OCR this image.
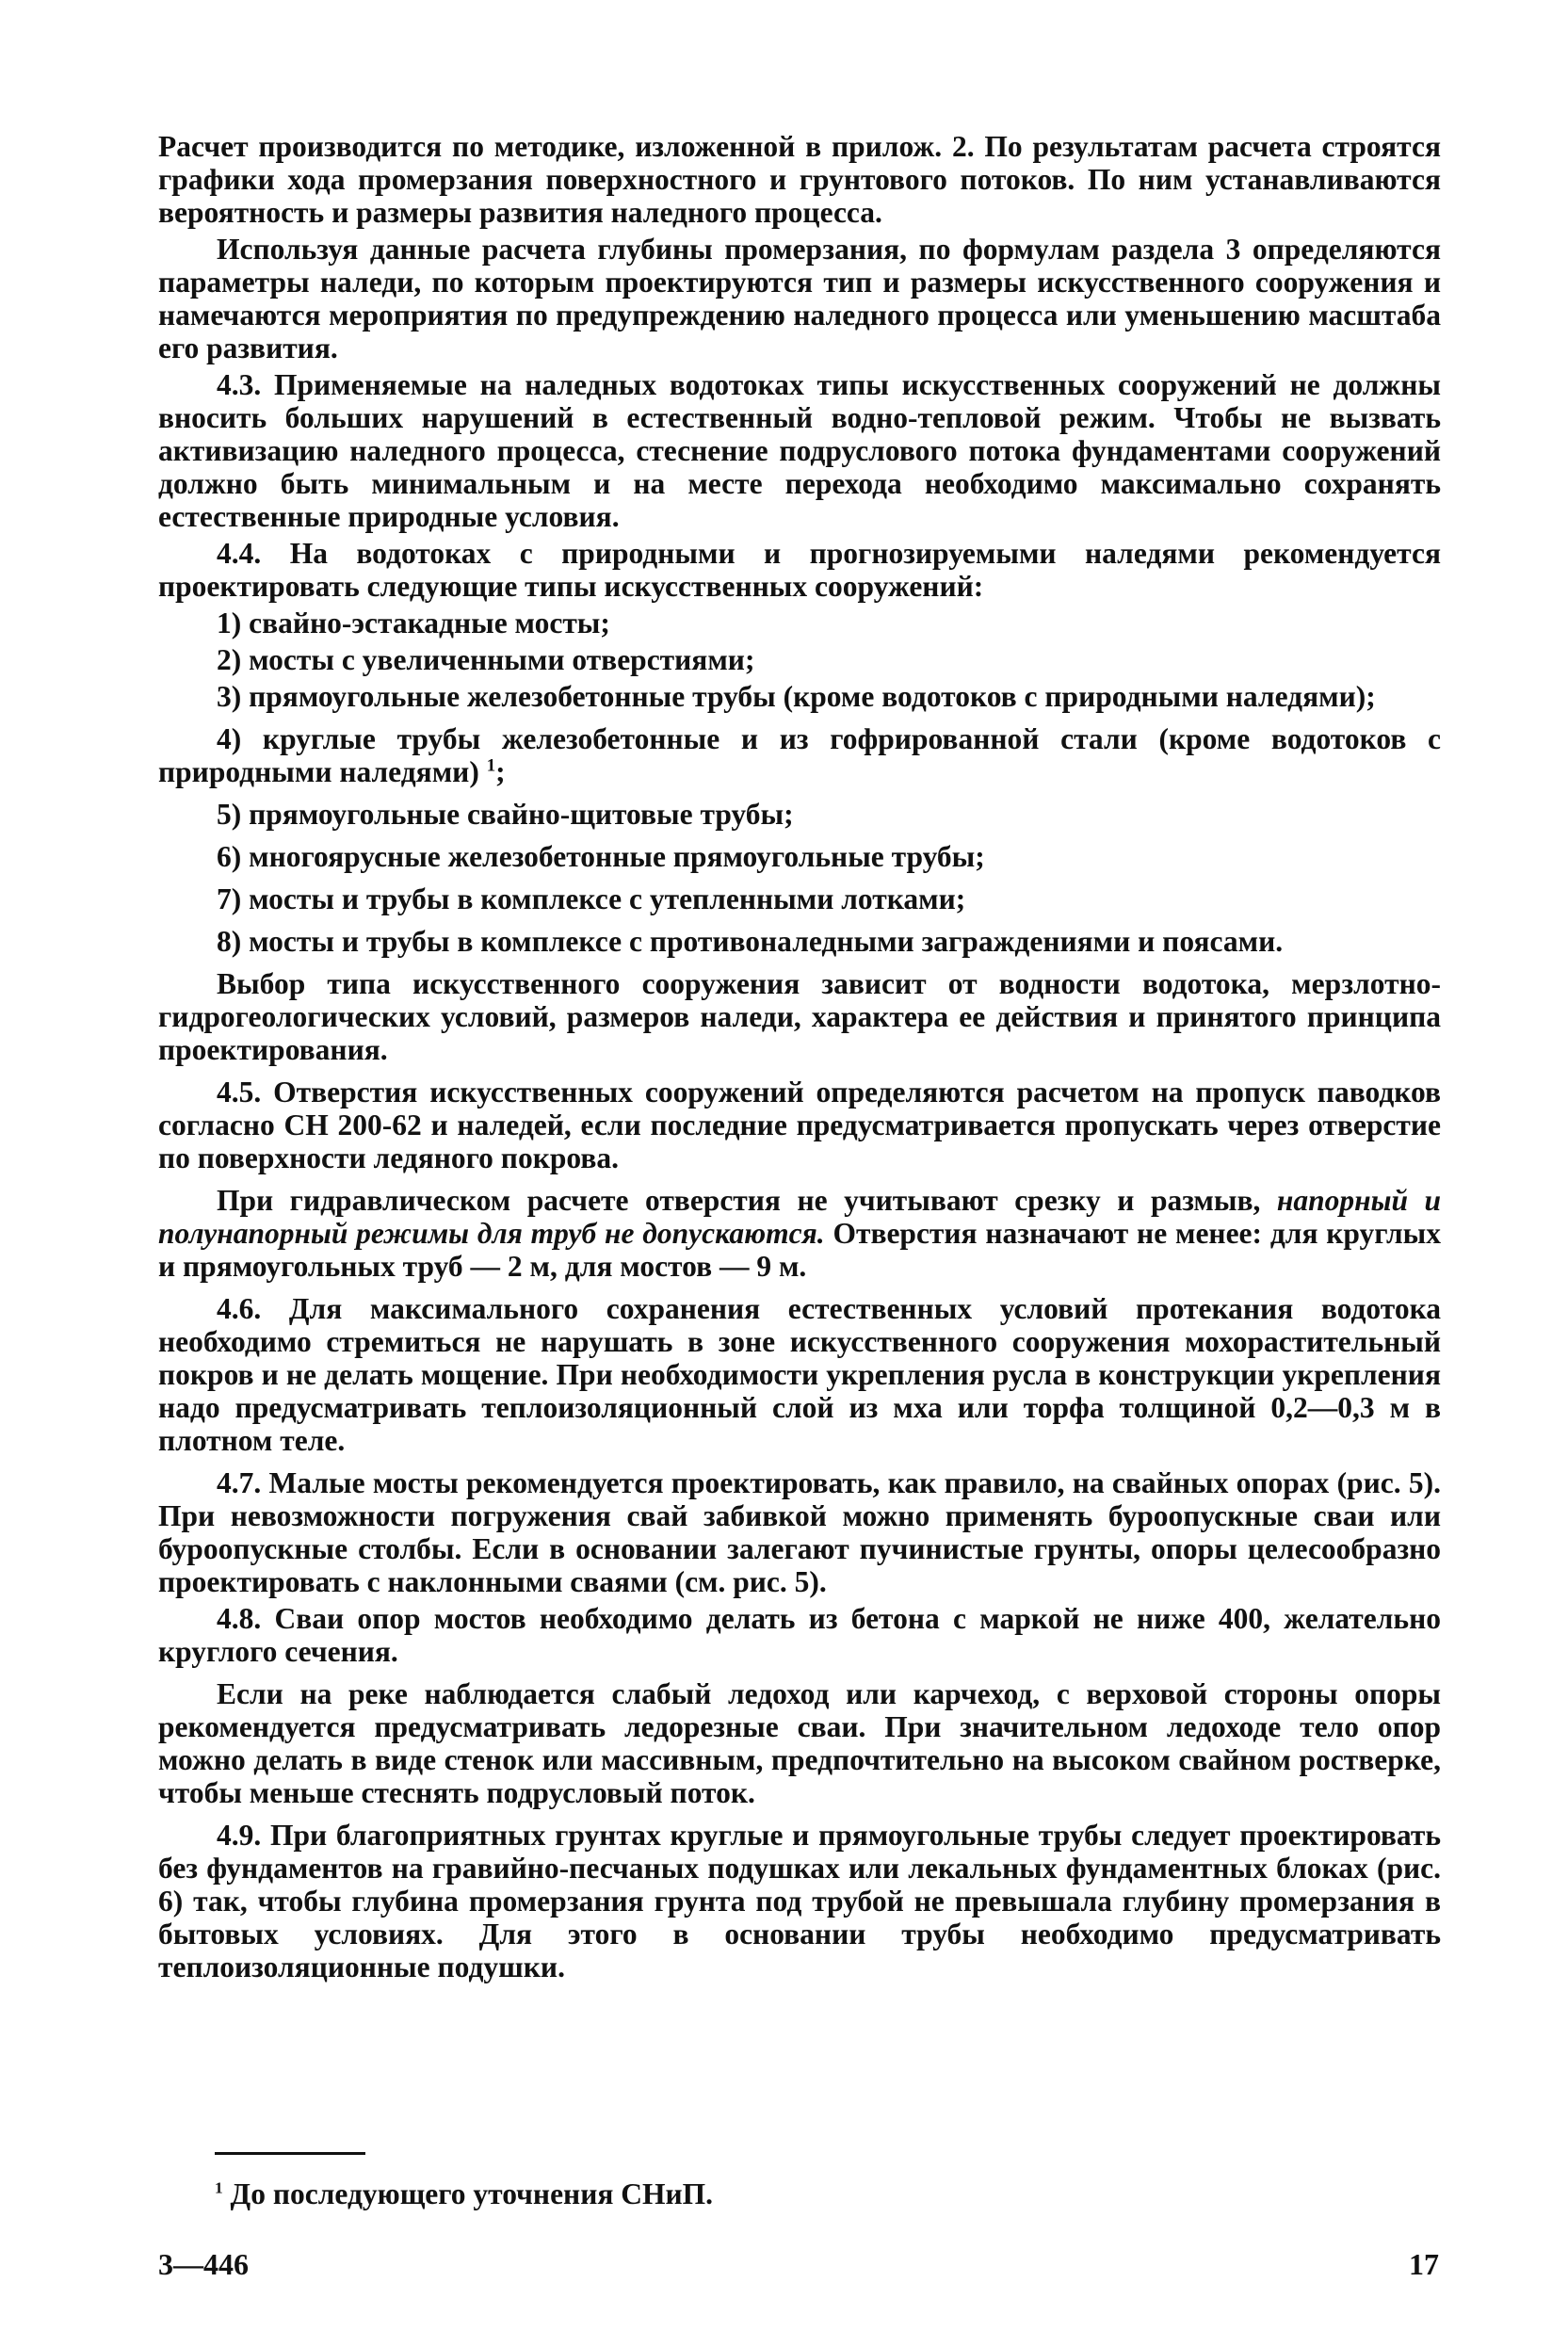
Расчет производится по методике, изложенной в прилож. 2. По результатам расчета строятся графики хода промерзания поверхностного и грунтового потоков. По ним устанавливаются вероятность и размеры развития наледного процесса.

Используя данные расчета глубины промерзания, по формулам раздела 3 определяются параметры наледи, по которым проектируются тип и размеры искусственного сооружения и намечаются мероприятия по предупреждению наледного процесса или уменьшению масштаба его развития.

4.3. Применяемые на наледных водотоках типы искусственных сооружений не должны вносить больших нарушений в естественный водно-тепловой режим. Чтобы не вызвать активизацию наледного процесса, стеснение подруслового потока фундаментами сооружений должно быть минимальным и на месте перехода необходимо максимально сохранять естественные природные условия.

4.4. На водотоках с природными и прогнозируемыми наледями рекомендуется проектировать следующие типы искусственных сооружений:

1) свайно-эстакадные мосты;

2) мосты с увеличенными отверстиями;

3) прямоугольные железобетонные трубы (кроме водотоков с природными наледями);

4) круглые трубы железобетонные и из гофрированной стали (кроме водотоков с природными наледями) $^1$;

5) прямоугольные свайно-щитовые трубы;

6) многоярусные железобетонные прямоугольные трубы;

7) мосты и трубы в комплексе с утепленными лотками;

8) мосты и трубы в комплексе с противоналедными заграждениями и поясами.

Выбор типа искусственного сооружения зависит от водности водотока, мерзлотно-гидрогеологических условий, размеров наледи, характера ее действия и принятого принципа проектирования.

4.5. Отверстия искусственных сооружений определяются расчетом на пропуск паводков согласно СН 200-62 и наледей, если последние предусматривается пропускать через отверстие по поверхности ледяного покрова.

При гидравлическом расчете отверстия не учитывают срезку и размыв, напорный и полунапорный режимы для труб не допускаются. Отверстия назначают не менее: для круглых и прямоугольных труб — 2 м, для мостов — 9 м.

4.6. Для максимального сохранения естественных условий протекания водотока необходимо стремиться не нарушать в зоне искусственного сооружения мохорастительный покров и не делать мощение. При необходимости укрепления русла в конструкции укрепления надо предусматривать теплоизоляционный слой из мха или торфа толщиной 0,2—0,3 м в плотном теле.

4.7. Малые мосты рекомендуется проектировать, как правило, на свайных опорах (рис. 5). При невозможности погружения свай забивкой можно применять буроопускные сваи или буроопускные столбы. Если в основании залегают пучинистые грунты, опоры целесообразно проектировать с наклонными сваями (см. рис. 5).

4.8. Сваи опор мостов необходимо делать из бетона с маркой не ниже 400, желательно круглого сечения.

Если на реке наблюдается слабый ледоход или карчеход, с верховой стороны опоры рекомендуется предусматривать ледорезные сваи. При значительном ледоходе тело опор можно делать в виде стенок или массивным, предпочтительно на высоком свайном ростверке, чтобы меньше стеснять подрусловый поток.

4.9. При благоприятных грунтах круглые и прямоугольные трубы следует проектировать без фундаментов на гравийно-песчаных подушках или лекальных фундаментных блоках (рис. 6) так, чтобы глубина промерзания грунта под трубой не превышала глубину промерзания в бытовых условиях. Для этого в основании трубы необходимо предусматривать теплоизоляционные подушки.

$^1$ До последующего уточнения СНиП.
3—446	17
